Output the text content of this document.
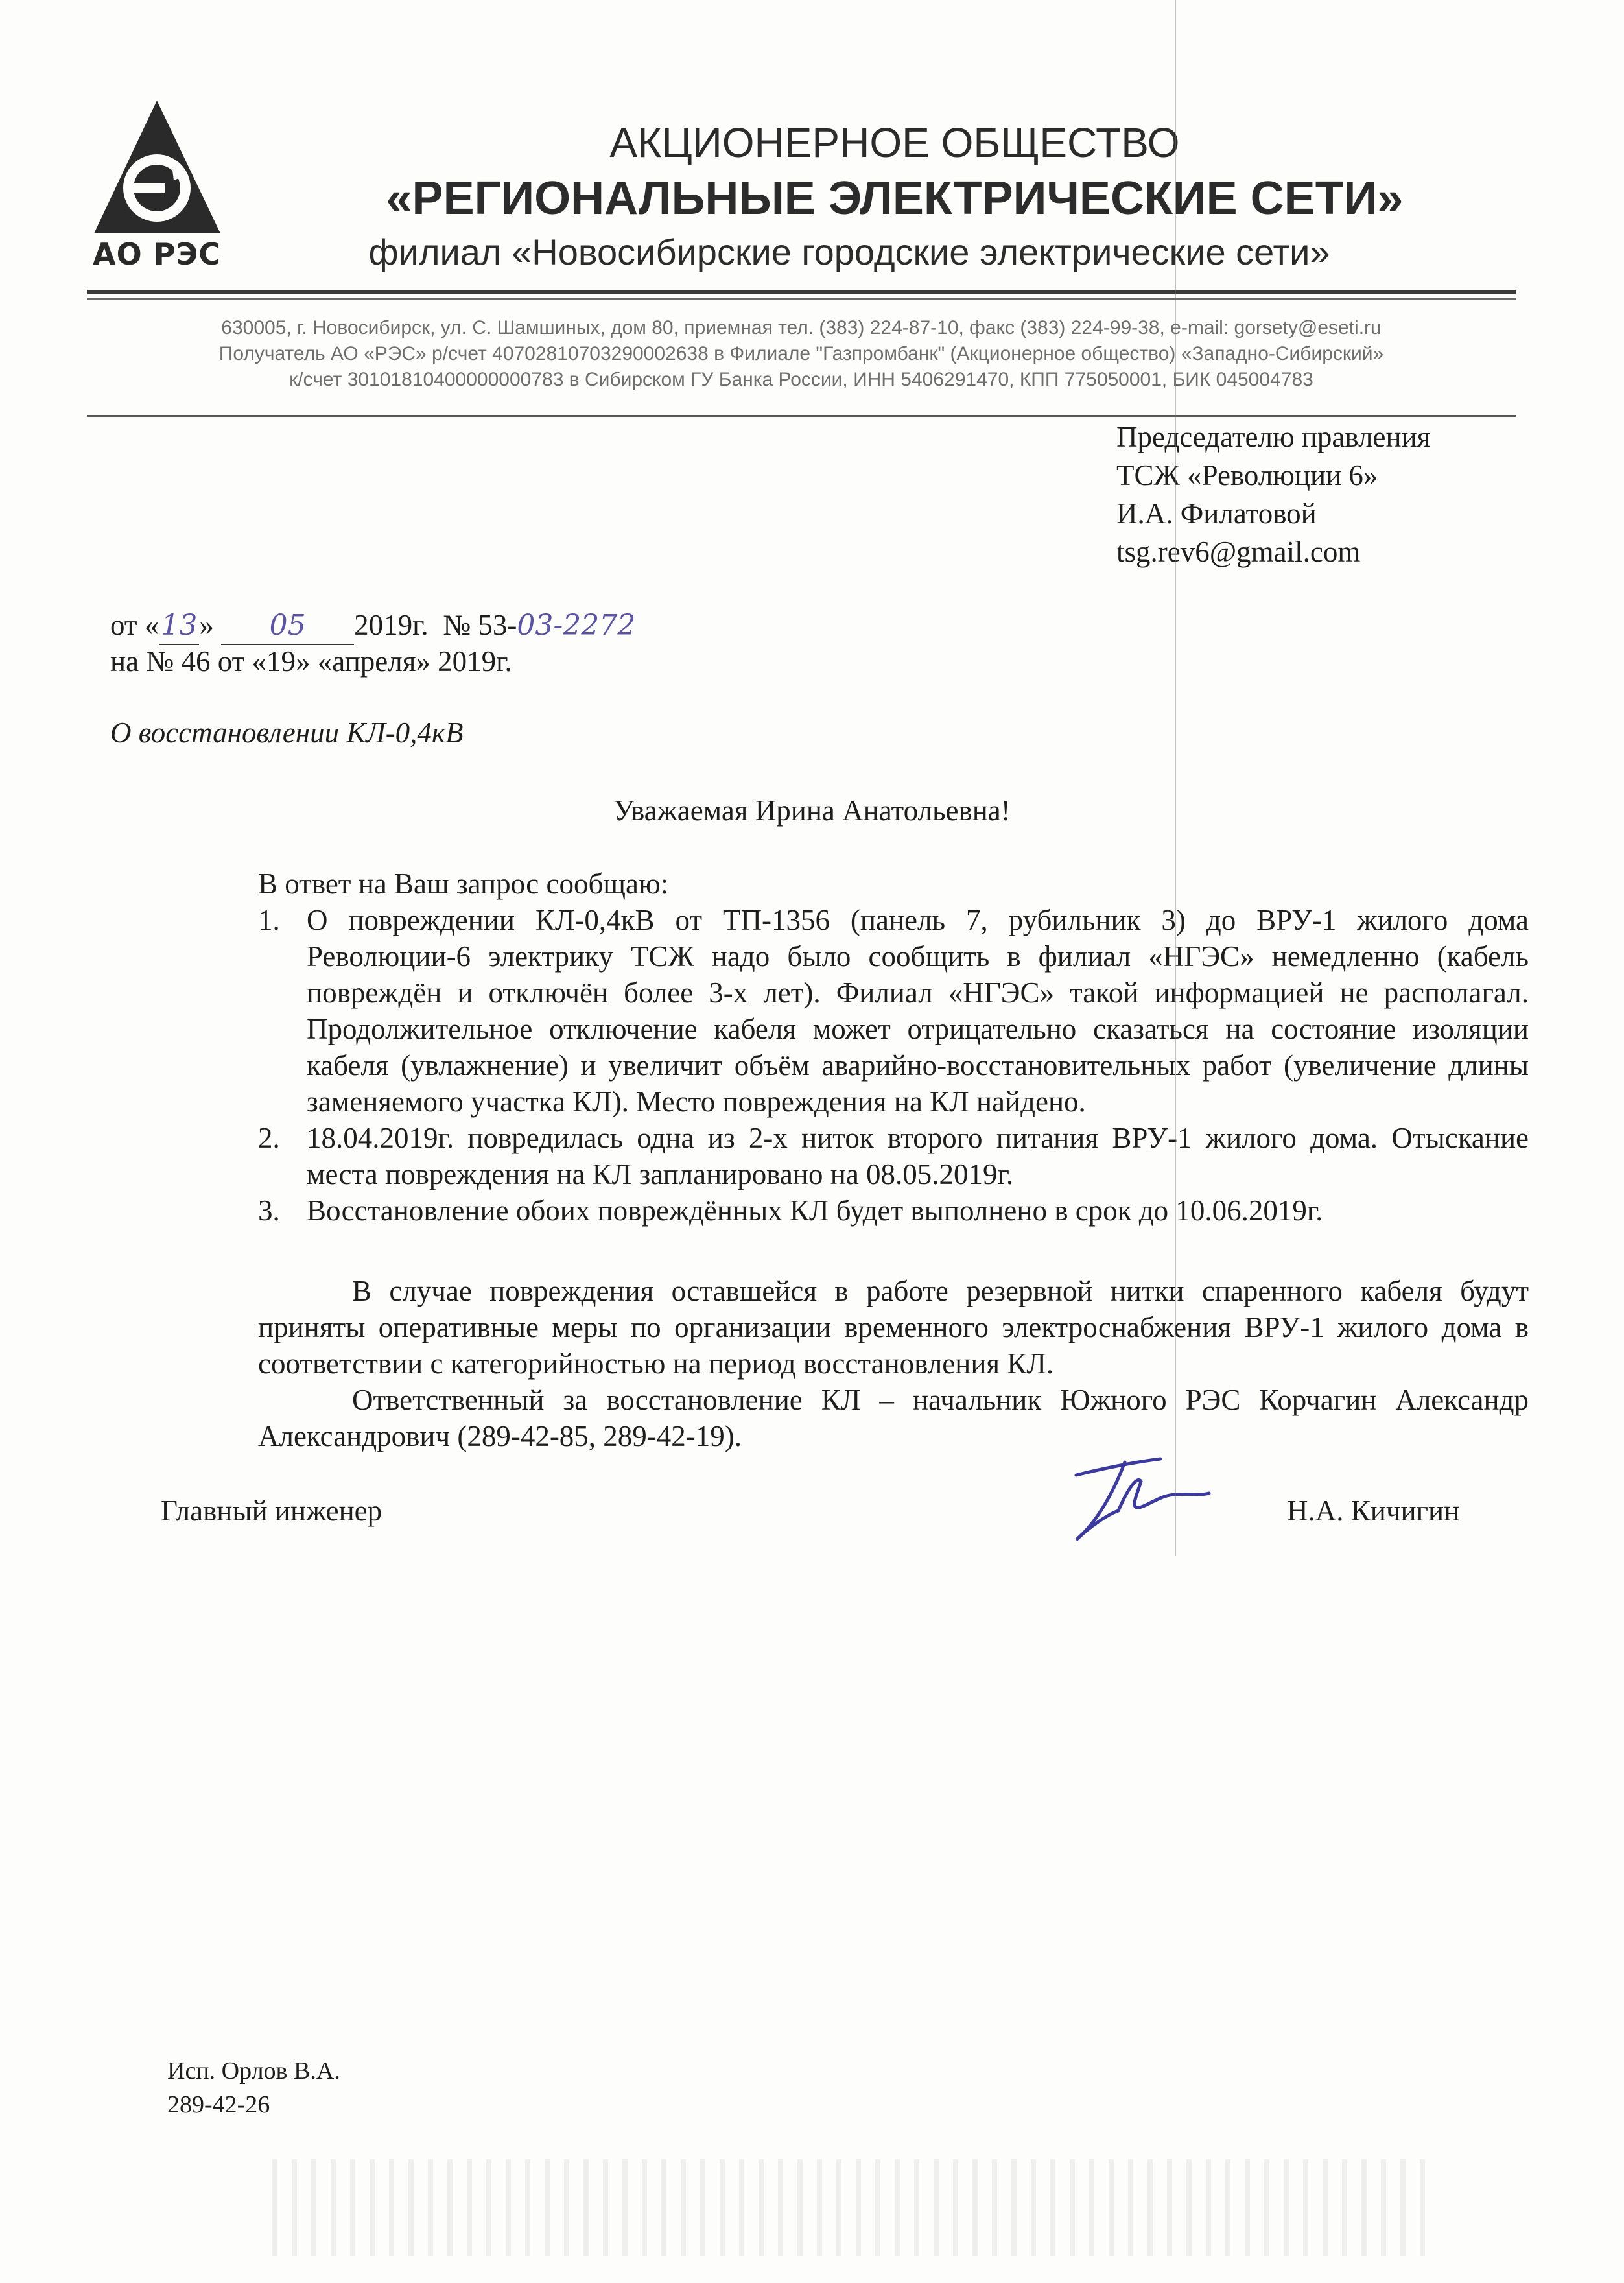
АО РЭС
АКЦИОНЕРНОЕ ОБЩЕСТВО
«РЕГИОНАЛЬНЫЕ ЭЛЕКТРИЧЕСКИЕ СЕТИ»
филиал «Новосибирские городские электрические сети»
630005, г. Новосибирск, ул. С. Шамшиных, дом 80, приемная тел. (383) 224-87-10, факс (383) 224-99-38, e-mail: gorsety@eseti.ru
Получатель АО «РЭС» р/счет 40702810703290002638 в Филиале "Газпромбанк" (Акционерное общество) «Западно-Сибирский»
к/счет 30101810400000000783 в Сибирском ГУ Банка России, ИНН 5406291470, КПП 775050001, БИК 045004783
Председателю правления
ТСЖ «Революции 6»
И.А. Филатовой
tsg.rev6@gmail.com
от «13» 05 2019г. № 53-03-2272
на № 46 от «19» «апреля» 2019г.
О восстановлении КЛ-0,4кВ
Уважаемая Ирина Анатольевна!

В ответ на Ваш запрос сообщаю:

1. О повреждении КЛ-0,4кВ от ТП-1356 (панель 7, рубильник 3) до ВРУ-1 жилого дома Революции-6 электрику ТСЖ надо было сообщить в филиал «НГЭС» немедленно (кабель повреждён и отключён более 3-х лет). Филиал «НГЭС» такой информацией не располагал. Продолжительное отключение кабеля может отрицательно сказаться на состояние изоляции кабеля (увлажнение) и увеличит объём аварийно-восстановительных работ (увеличение длины заменяемого участка КЛ). Место повреждения на КЛ найдено.
2. 18.04.2019г. повредилась одна из 2-х ниток второго питания ВРУ-1 жилого дома. Отыскание места повреждения на КЛ запланировано на 08.05.2019г.
3. Восстановление обоих повреждённых КЛ будет выполнено в срок до 10.06.2019г.

В случае повреждения оставшейся в работе резервной нитки спаренного кабеля будут приняты оперативные меры по организации временного электроснабжения ВРУ-1 жилого дома в соответствии с категорийностью на период восстановления КЛ.

Ответственный за восстановление КЛ – начальник Южного РЭС Корчагин Александр Александрович (289-42-85, 289-42-19).

Главный инженер	Н.А. Кичигин
Исп. Орлов В.А.
289-42-26
